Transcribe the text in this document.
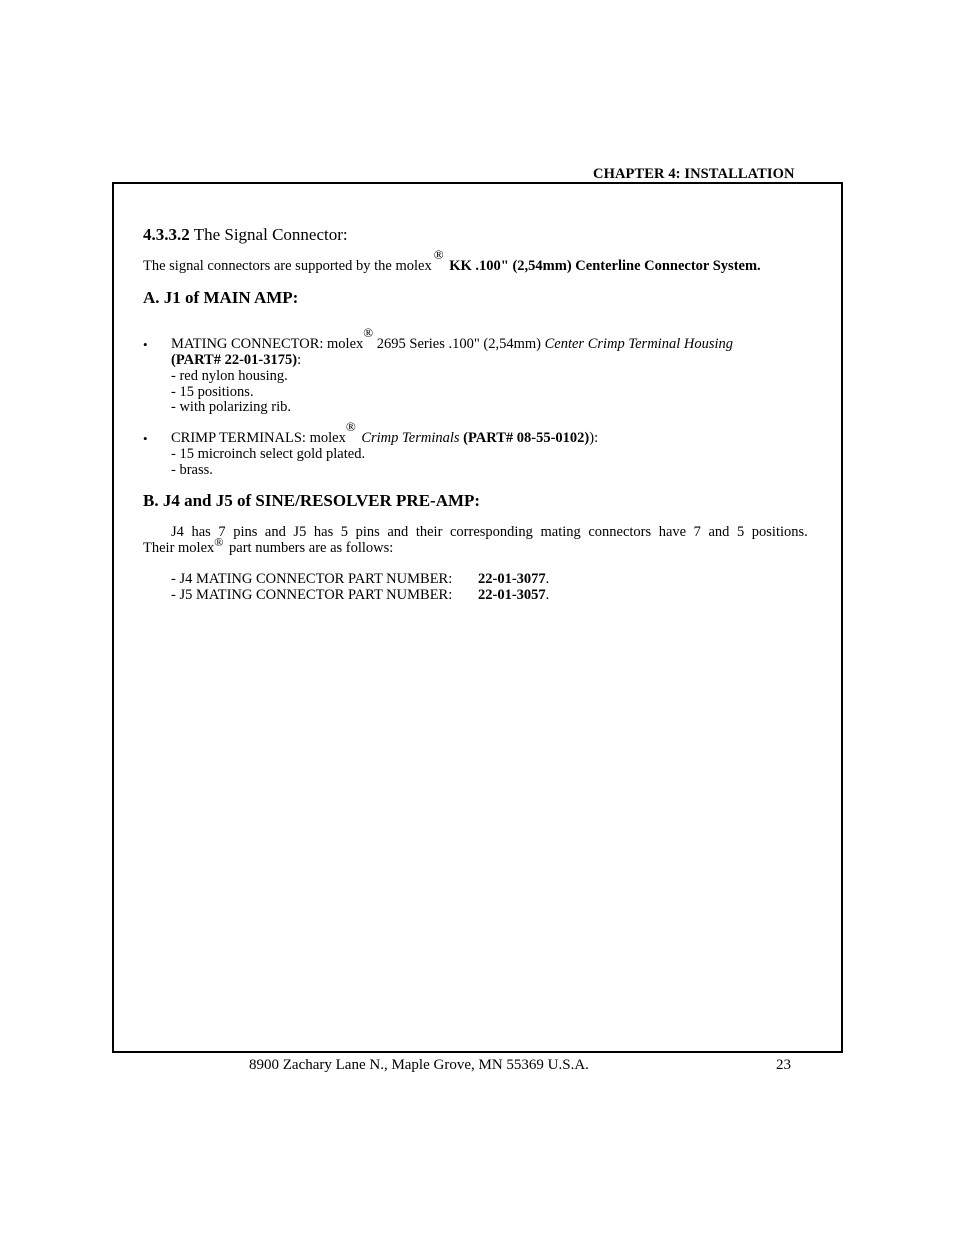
CHAPTER 4: INSTALLATION
4.3.3.2 The Signal Connector:
The signal connectors are supported by the molex® KK .100" (2,54mm) Centerline Connector System.
A. J1 of MAIN AMP:
• MATING CONNECTOR: molex® 2695 Series .100" (2,54mm) Center Crimp Terminal Housing
(PART# 22-01-3175):
- red nylon housing.
- 15 positions.
- with polarizing rib.
• CRIMP TERMINALS: molex® Crimp Terminals (PART# 08-55-0102)):
- 15 microinch select gold plated.
- brass.
B. J4 and J5 of SINE/RESOLVER PRE-AMP:
J4 has 7 pins and J5 has 5 pins and their corresponding mating connectors have 7 and 5 positions.
Their molex® part numbers are as follows:
- J4 MATING CONNECTOR PART NUMBER: 22-01-3077.
- J5 MATING CONNECTOR PART NUMBER: 22-01-3057.
8900 Zachary Lane N., Maple Grove, MN 55369 U.S.A.	23
